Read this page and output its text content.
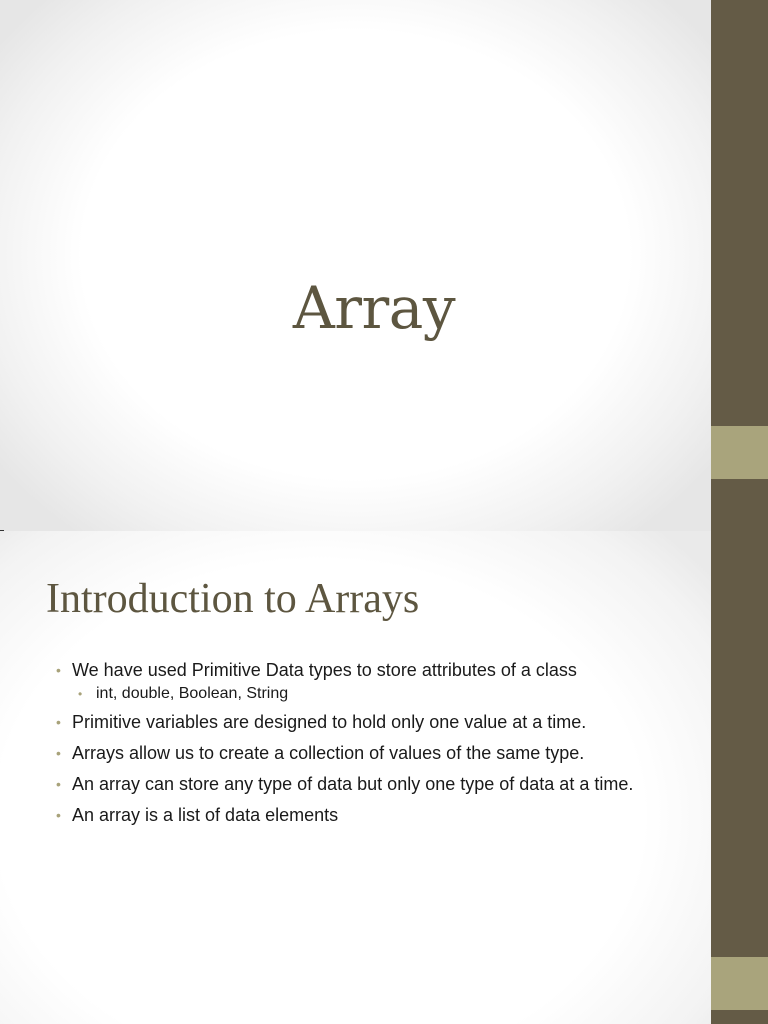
Array
Introduction to Arrays
• We have used Primitive Data types to store attributes of a class
• int, double, Boolean, String
• Primitive variables are designed to hold only one value at a time.
• Arrays allow us to create a collection of values of the same type.
• An array can store any type of data but only one type of data at a time.
• An array is a list of data elements
